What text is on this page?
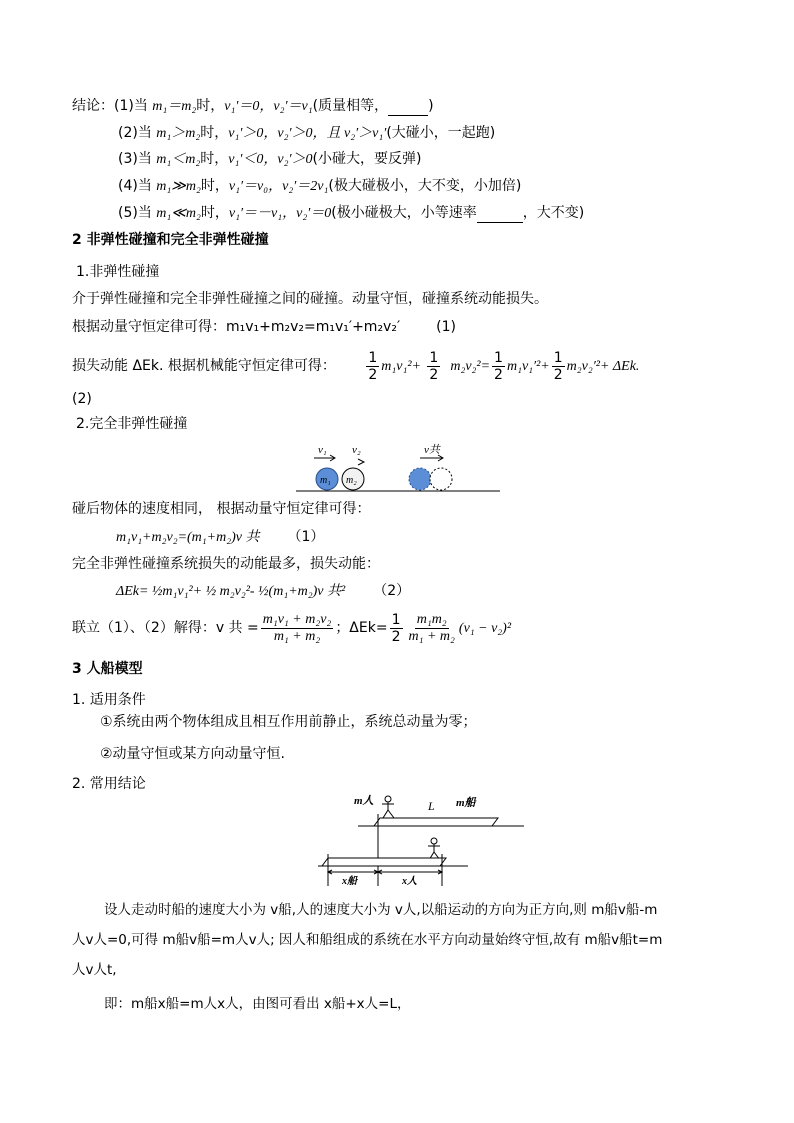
结论：(1)当 m₁＝m₂时，v₁′＝0，v₂′＝v₁(质量相等，	)
(2)当 m₁＞m₂时，v₁′＞0，v₂′＞0，且 v₂′＞v₁′(大碰小，一起跑)
(3)当 m₁＜m₂时，v₁′＜0，v₂′＞0(小碰大，要反弹)
(4)当 m₁≫m₂时，v₁′＝v₀，v₂′＝2v₁(极大碰极小，大不变，小加倍)
(5)当 m₁≪m₂时，v₁′＝－v₁，v₂′＝0(极小碰极大，小等速率	，大不变)
2 非弹性碰撞和完全非弹性碰撞
1.非弹性碰撞
介于弹性碰撞和完全非弹性碰撞之间的碰撞。动量守恒，碰撞系统动能损失。
根据动量守恒定律可得：m₁v₁+m₂v₂=m₁v₁′+m₂v₂′	(1)
损失动能 ΔEk. 根据机械能守恒定律可得： $\frac{1}{2} m_1v_1^2+ \frac{1}{2} m_2v_2^2= \frac{1}{2} m_1v_1'^2+ \frac{1}{2} m_2v_2'^2+ \Delta Ek$.
(2)
2.完全非弹性碰撞
v₁ v₂
m₁ m₂
v共
碰后物体的速度相同， 根据动量守恒定律可得：
m₁v₁+m₂v₂=(m₁+m₂)v 共 （1）
完全非弹性碰撞系统损失的动能最多，损失动能：
ΔEk= ½m₁v₁²+ ½ m₂v₂²- ½(m₁+m₂)v 共² （2）
联立（1）、（2）解得：v 共 = $\frac{\text{m₁v₁ + m₂v₂}}{\text{m₁ + m₂}}$ ；$\Delta Ek= \frac{1}{2} \frac{\text{m₁m₂}}{\text{m₁ + m₂}} (v_1 - v_2)^2$
3 人船模型
1. 适用条件
①系统由两个物体组成且相互作用前静止，系统总动量为零；
②动量守恒或某方向动量守恒.
2. 常用结论
m人	L m船
x船	x人
设人走动时船的速度大小为 v船,人的速度大小为 v人,以船运动的方向为正方向,则 m船v船-m
人v人=0,可得 m船v船=m人v人; 因人和船组成的系统在水平方向动量始终守恒,故有 m船v船t=m
人v人t,
即：m船x船=m人x人，由图可看出 x船+x人=L，
